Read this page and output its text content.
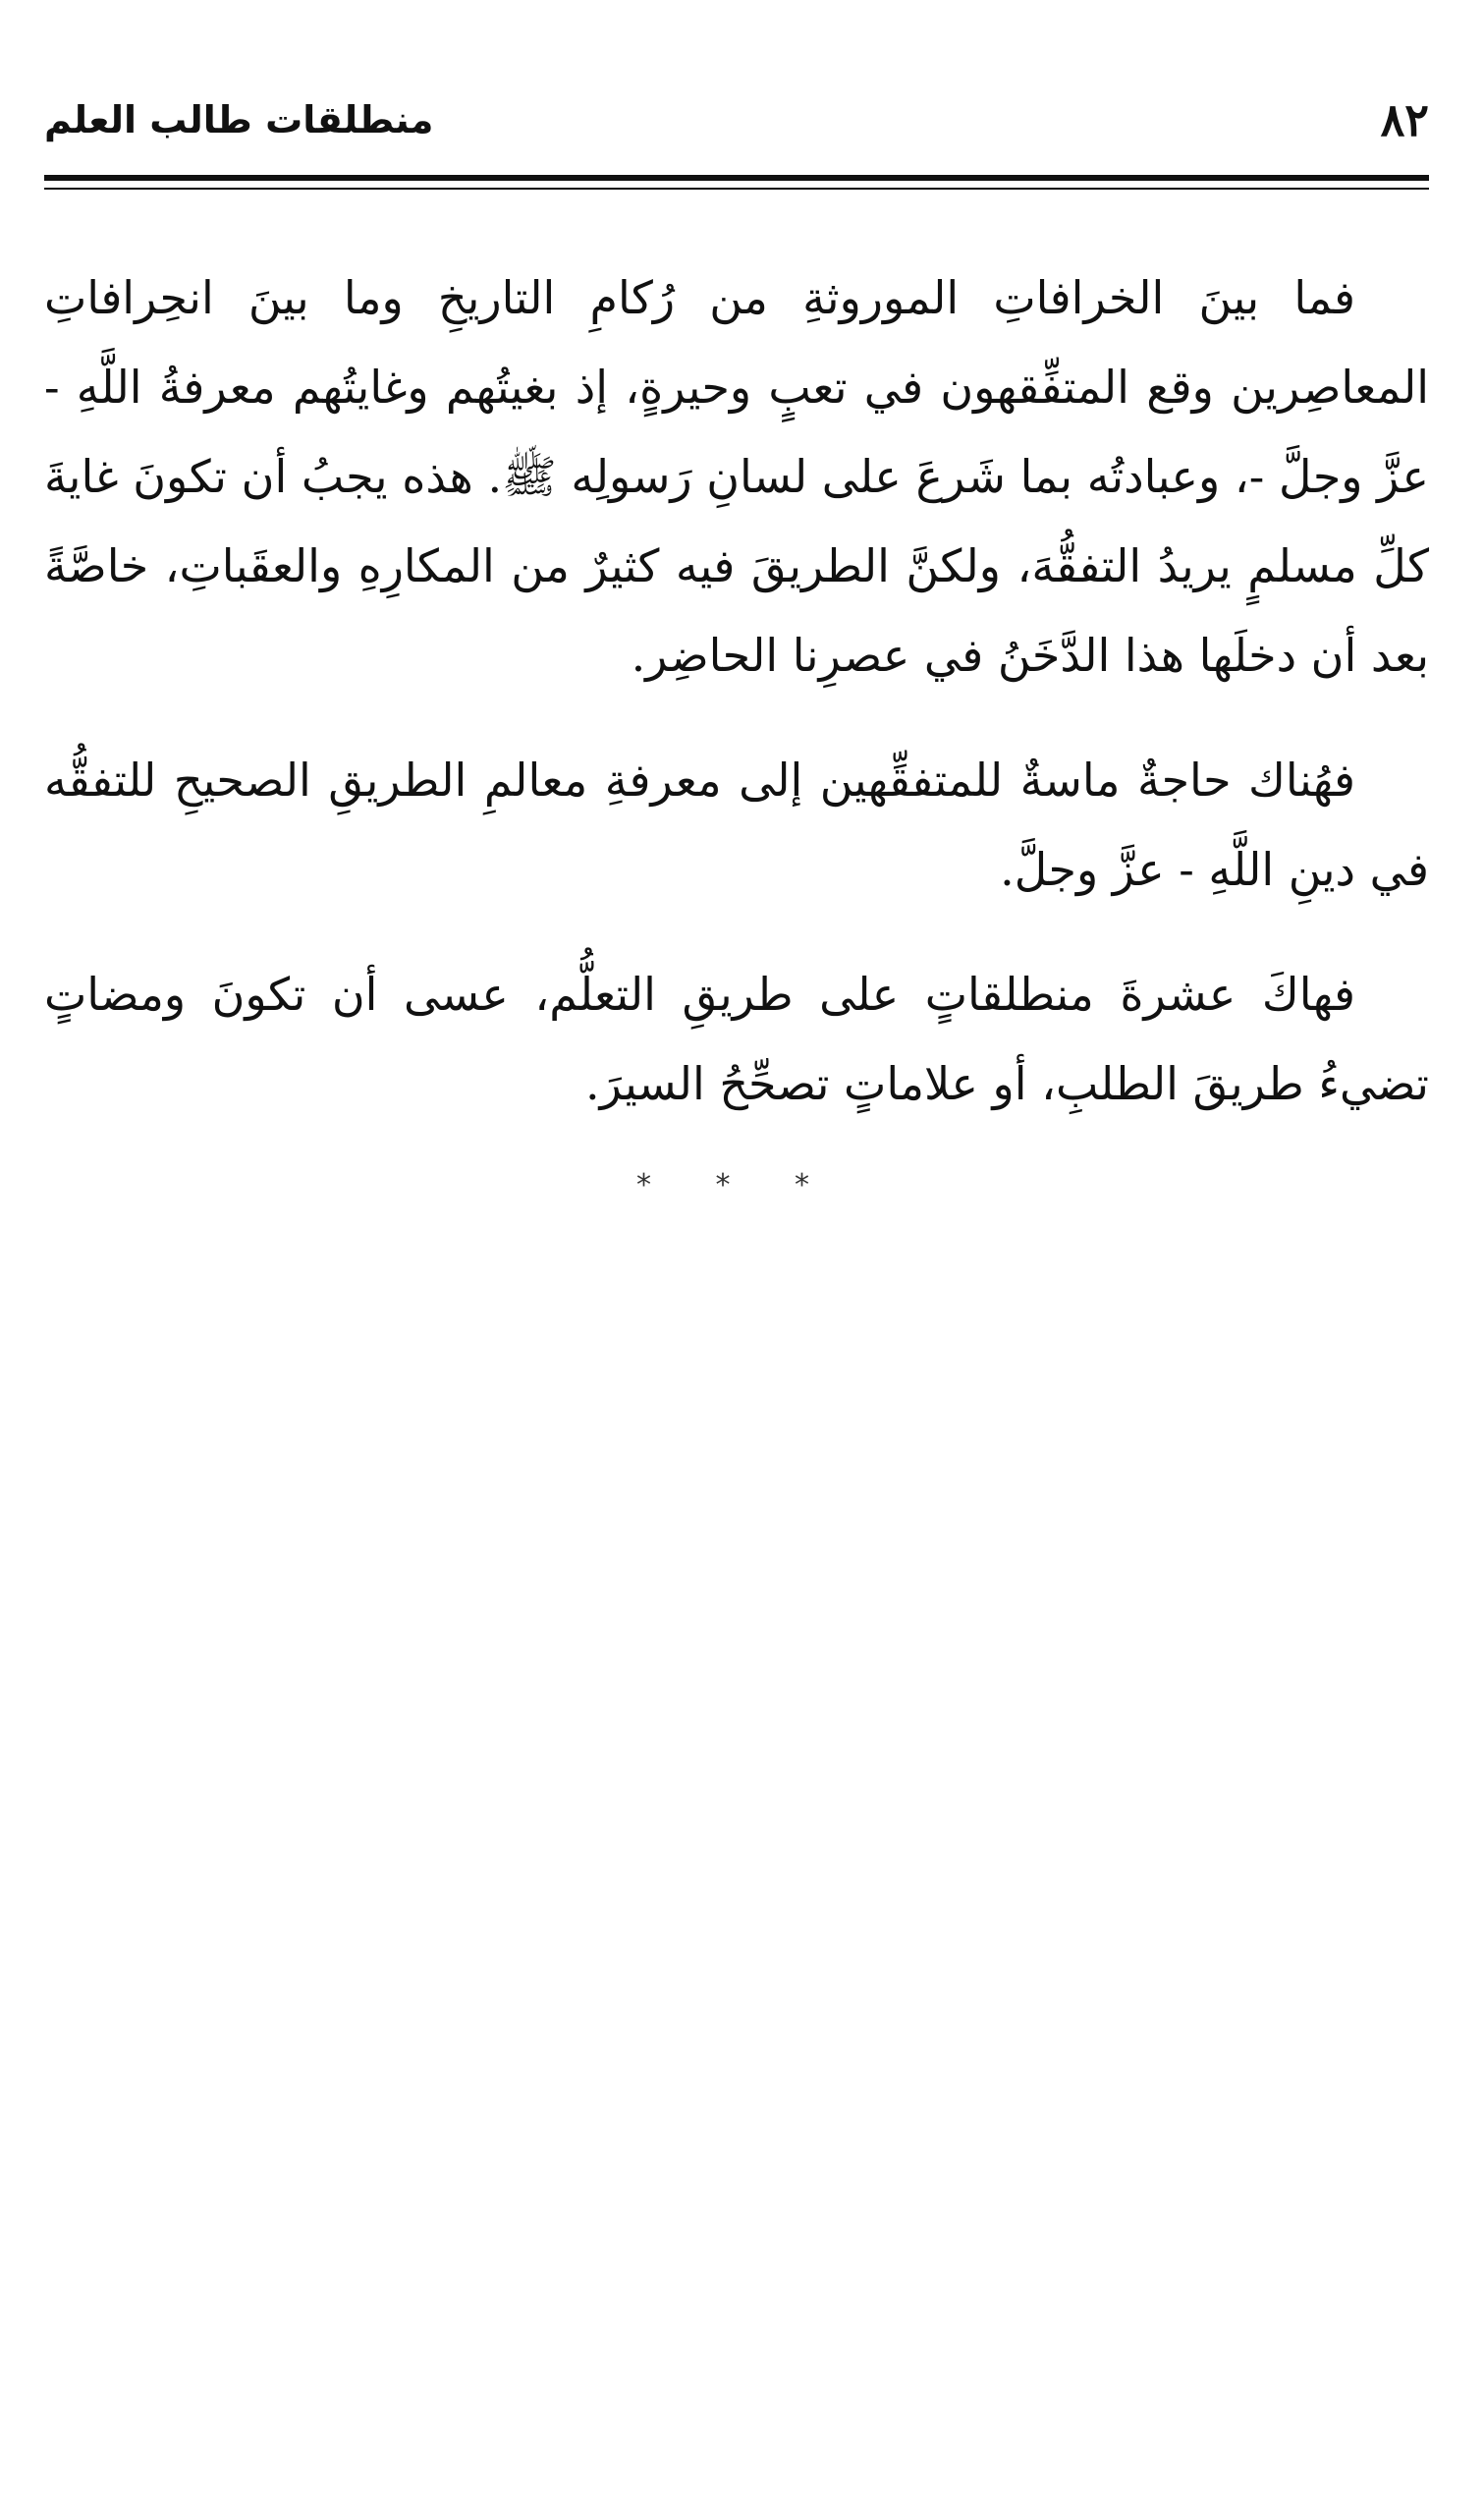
٨٢
منطلقات طالب العلم

فما بينَ الخرافاتِ الموروثةِ من رُكامِ التاريخِ وما بينَ انحِرافاتِ المعاصِرين وقع المتفِّقهون في تعبٍ وحيرةٍ، إذ بغيتُهم وغايتُهم معرفةُ اللَّهِ - عزَّ وجلَّ -، وعبادتُه بما شَرعَ على لسانِ رَسولِه ﷺ. هذه يجبُ أن تكونَ غايةَ كلِّ مسلمٍ يريدُ التفقُّهَ، ولكنَّ الطريقَ فيه كثيرٌ من المكارِهِ والعقَباتِ، خاصَّةً بعد أن دخلَها هذا الدَّخَنُ في عصرِنا الحاضِر.

فهُناك حاجةٌ ماسةٌ للمتفقِّهين إلى معرفةِ معالمِ الطريقِ الصحيحِ للتفقُّه في دينِ اللَّهِ - عزَّ وجلَّ.

فهاكَ عشرةَ منطلقاتٍ على طريقِ التعلُّم، عسى أن تكونَ ومضاتٍ تضيءُ طريقَ الطلبِ، أو علاماتٍ تصحِّحُ السيرَ.

* * *
